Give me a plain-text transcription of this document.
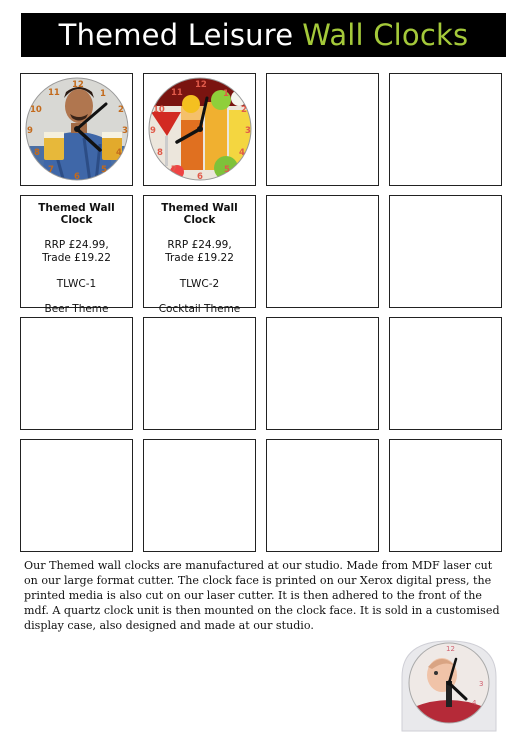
Themed Leisure Wall Clocks
12
1
2
3
4
5
6
7
8
9
10
11
12
1
2
3
4
5
6
7
8
9
10
11
Themed Wall Clock
RRP £24.99,
Trade £19.22
TLWC-1
Beer Theme
Themed Wall Clock
RRP £24.99,
Trade £19.22
TLWC-2
Cocktail Theme
Our Themed wall clocks are manufactured at our studio. Made from MDF laser cut on our large format cutter. The clock face is printed on our Xerox digital press, the printed media is also cut on our laser cutter. It is then adhered to the front of the mdf. A quartz clock unit is then mounted on the clock face. It is sold in a customised display case, also designed and made at our studio.
12
3
4
